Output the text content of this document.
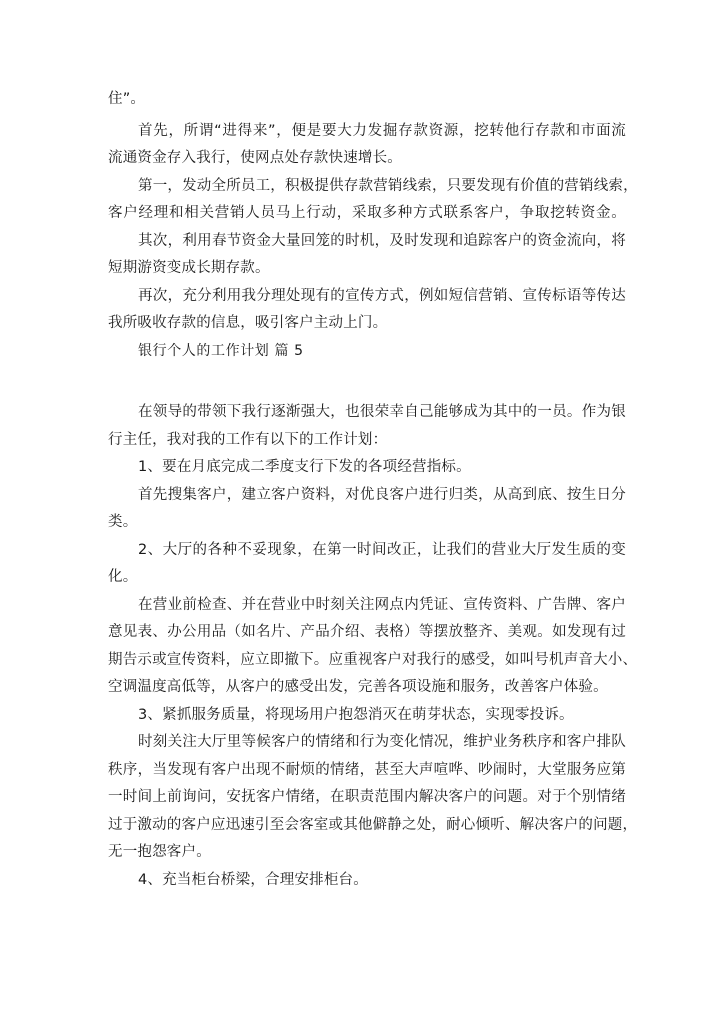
住”。
首先，所谓“进得来”，便是要大力发掘存款资源，挖转他行存款和市面流
流通资金存入我行，使网点处存款快速增长。
第一，发动全所员工，积极提供存款营销线索，只要发现有价值的营销线索，
客户经理和相关营销人员马上行动，采取多种方式联系客户，争取挖转资金。
其次，利用春节资金大量回笼的时机，及时发现和追踪客户的资金流向，将
短期游资变成长期存款。
再次，充分利用我分理处现有的宣传方式，例如短信营销、宣传标语等传达
我所吸收存款的信息，吸引客户主动上门。
银行个人的工作计划 篇 5
在领导的带领下我行逐渐强大，也很荣幸自己能够成为其中的一员。作为银
行主任，我对我的工作有以下的工作计划：
1、要在月底完成二季度支行下发的各项经营指标。
首先搜集客户，建立客户资料，对优良客户进行归类，从高到底、按生日分
类。
2、大厅的各种不妥现象，在第一时间改正，让我们的营业大厅发生质的变
化。
在营业前检查、并在营业中时刻关注网点内凭证、宣传资料、广告牌、客户
意见表、办公用品（如名片、产品介绍、表格）等摆放整齐、美观。如发现有过
期告示或宣传资料，应立即撤下。应重视客户对我行的感受，如叫号机声音大小、
空调温度高低等，从客户的感受出发，完善各项设施和服务，改善客户体验。
3、紧抓服务质量，将现场用户抱怨消灭在萌芽状态，实现零投诉。
时刻关注大厅里等候客户的情绪和行为变化情况，维护业务秩序和客户排队
秩序，当发现有客户出现不耐烦的情绪，甚至大声喧哗、吵闹时，大堂服务应第
一时间上前询问，安抚客户情绪，在职责范围内解决客户的问题。对于个别情绪
过于激动的客户应迅速引至会客室或其他僻静之处，耐心倾听、解决客户的问题，
无一抱怨客户。
4、充当柜台桥梁，合理安排柜台。
